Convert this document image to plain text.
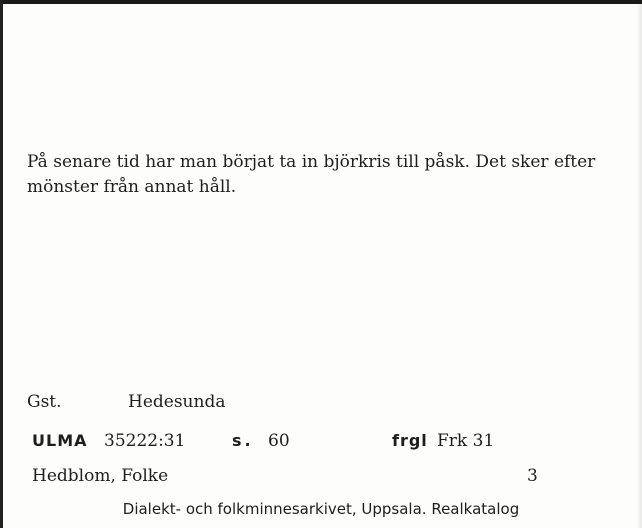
På senare tid har man börjat ta in björkris till påsk. Det sker efter mönster från annat håll.

Gst.	Hedesunda
ULMA 35222:31	s. 60	frgl Frk 31
Hedblom, Folke	3
Dialekt- och folkminnesarkivet, Uppsala. Realkatalog
